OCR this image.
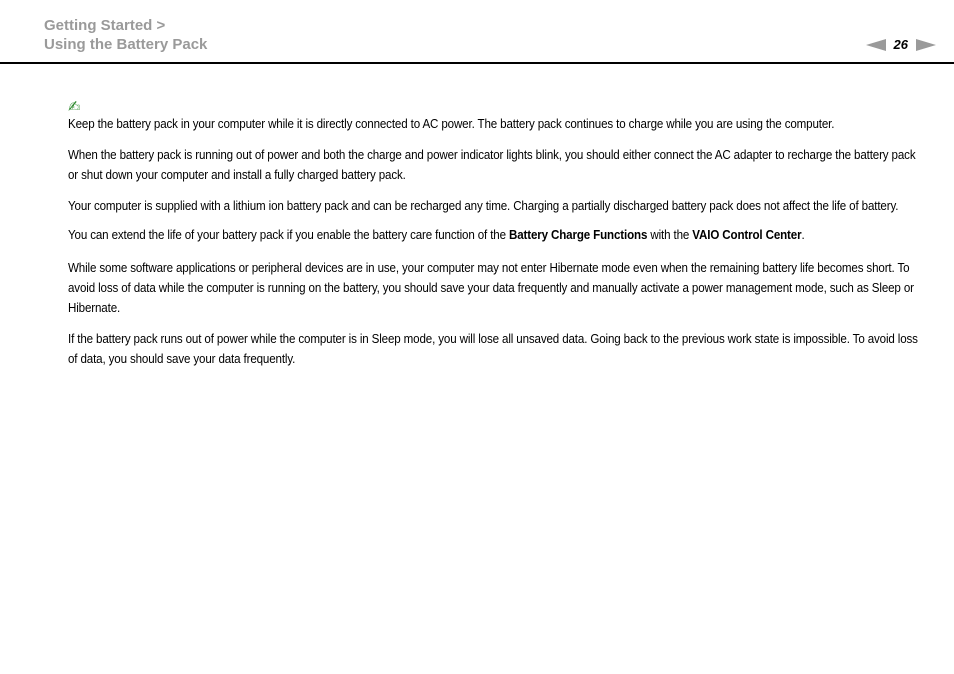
Getting Started >
Using the Battery Pack	26
✍

Keep the battery pack in your computer while it is directly connected to AC power. The battery pack continues to charge while you are using the computer.

When the battery pack is running out of power and both the charge and power indicator lights blink, you should either connect the AC adapter to recharge the battery pack or shut down your computer and install a fully charged battery pack.

Your computer is supplied with a lithium ion battery pack and can be recharged any time. Charging a partially discharged battery pack does not affect the life of battery.

You can extend the life of your battery pack if you enable the battery care function of the Battery Charge Functions with the VAIO Control Center.

While some software applications or peripheral devices are in use, your computer may not enter Hibernate mode even when the remaining battery life becomes short. To avoid loss of data while the computer is running on the battery, you should save your data frequently and manually activate a power management mode, such as Sleep or Hibernate.

If the battery pack runs out of power while the computer is in Sleep mode, you will lose all unsaved data. Going back to the previous work state is impossible. To avoid loss of data, you should save your data frequently.
